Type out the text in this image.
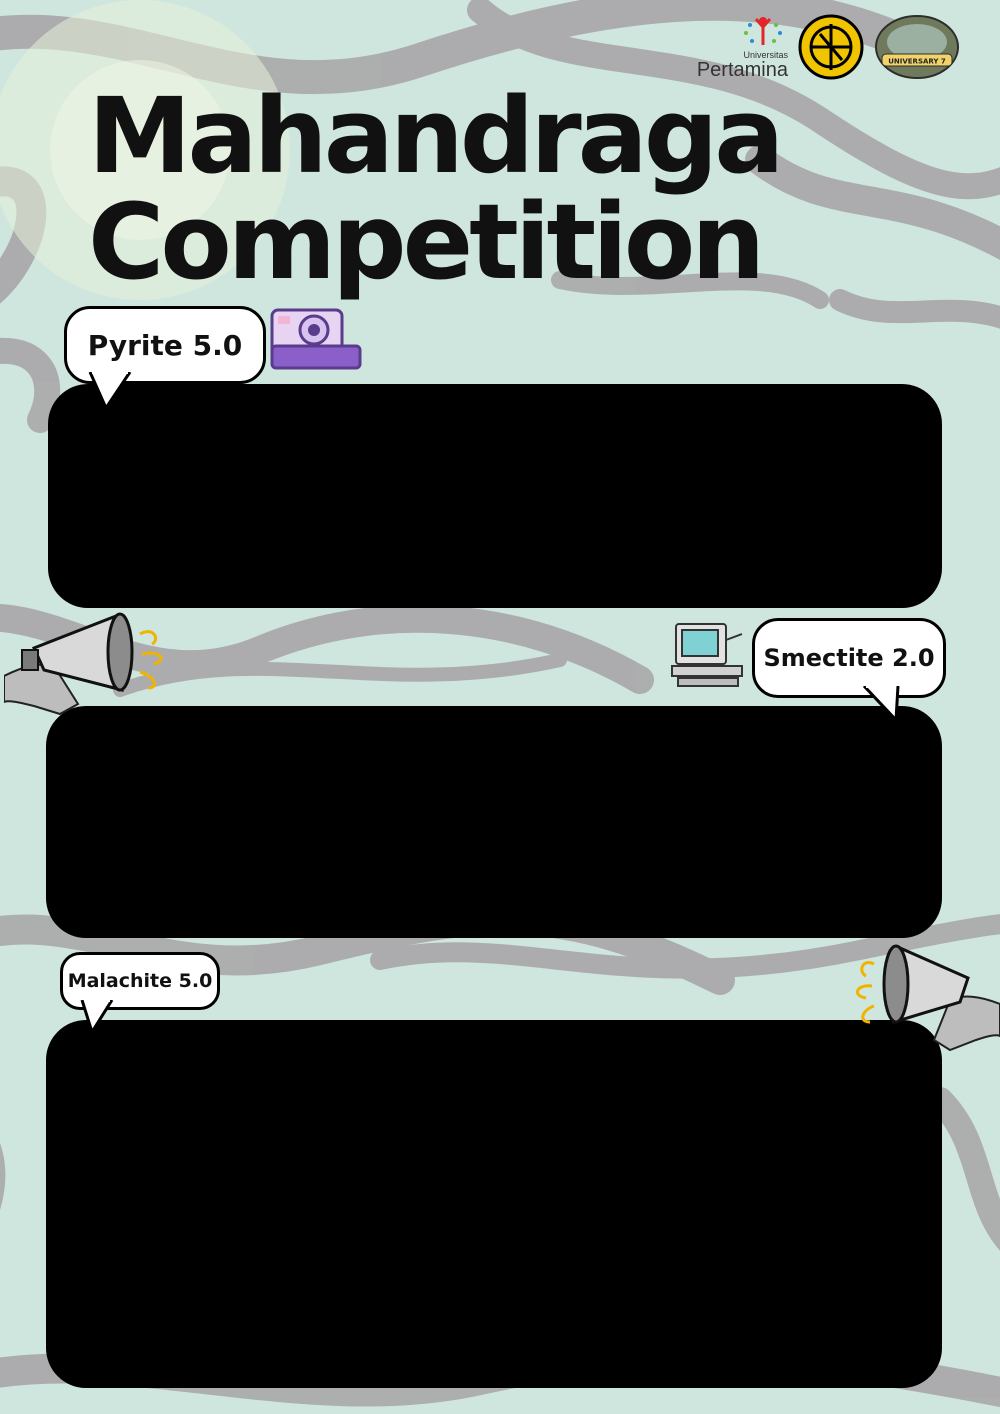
Universitas
Pertamina	UNIVERSARY 7
Mahandraga
Competition
Pyrite 5.0
“Pyrite 5.0” adalah Kompetisi Geosketch merupakan ajang edukasi dan kompetisi menggambar sketsa bentang alam (Geomorfologi) dan singkapan batuan (outcrops) yang kreatif, informatif dan estetis sebagai media informasi, edukasi dan konservasi.
• Reward
a. Juara 1: Uang Saku Rp. 700.000 dan Piagam Penghargaan
b. Juara 2: Uang Saku Rp. 500.000 dan Piagam Penghargaan
c. Juara 3: Uang Saku Rp. 250.000 dan Piagam Penghargaan
Contact Person : Pierre : +62 858-3416-1292 Registration : bit.ly/LOMBAPYRITE
Smectite 2.0
“SMECTITE 2.0” merupakan salah satu rangkaian acara dari kegiatan “Anniversary Mahandraga 7.0”. Kegiatan ini merupakan olimpiade di bidang kebumian dengan skala nasional dengan target peserta siswa/i SMA/SMK/sederajat.Kegiatan ini bertemakan “Earth, Energy and Geology: Understanding of Earth for Utilize Potential of Energy Resources”
• Reward
Juara 1 : Medali Emas, Uang Saku Rp.4.000.000, Piagam Penghargaan, Souvenir.
Juara 2 : Medali Emas, Uang Saku Rp.2.500.000, Piagam Penghargaan, Souvenir.
Juara 3 : Medali Emas, Uang Saku Rp.1.000.000, Piagam Penghargaan, Souvenir.
Contact Person : Ina : +62 831 21673412 Registration : bit.ly/LOMBASMECTITE
Malachite 5.0
“MALACHITE 5.0” adalah kegiatan perlombaan paper nasional untuk seluruh mahasiswa akktif di seluruh Indonesia yang dilaksanakan oleh Himpunan Mahasiswa Teknik Geologi “Mahandraga”. Tema dari kegiatan lomba paper ilmiah ini yaitu “Peran Geosience Dalam Mendukung Pembangunan Berkelanjutan SDGs 2030” dengan cakupan energi yang dapat dipilih menjadi topik utama lomba paper ilmiah antara lain : Geothermal, Oil and Gas, Minerals, Hydrogeologist.
• Reward
Juara 1 : Medali Emas, Uang Saku Rp.3.500.000, Piagam Penghargaan, Souvenir.
Juara 2 : Medali Emas, Uang Saku Rp.2.500.000, Piagam Penghargaan, Souvenir.
Juara 3 : Medali Emas, Uang Saku Rp.1.500.000, Piagam Penghargaan, Souvenir
Juara Harapan 1 : Rp. 800.000, Piagam Penghargaan, Souvenir.
Juara Harapan 2 : Rp. 500.000, Piagam Penghargaan, Souvenir.
Contact Person : Pitaloka : +62 877 78655051
Dina : +62 858 84707962	Registration : bit.ly/LOMBAMALACHITE
